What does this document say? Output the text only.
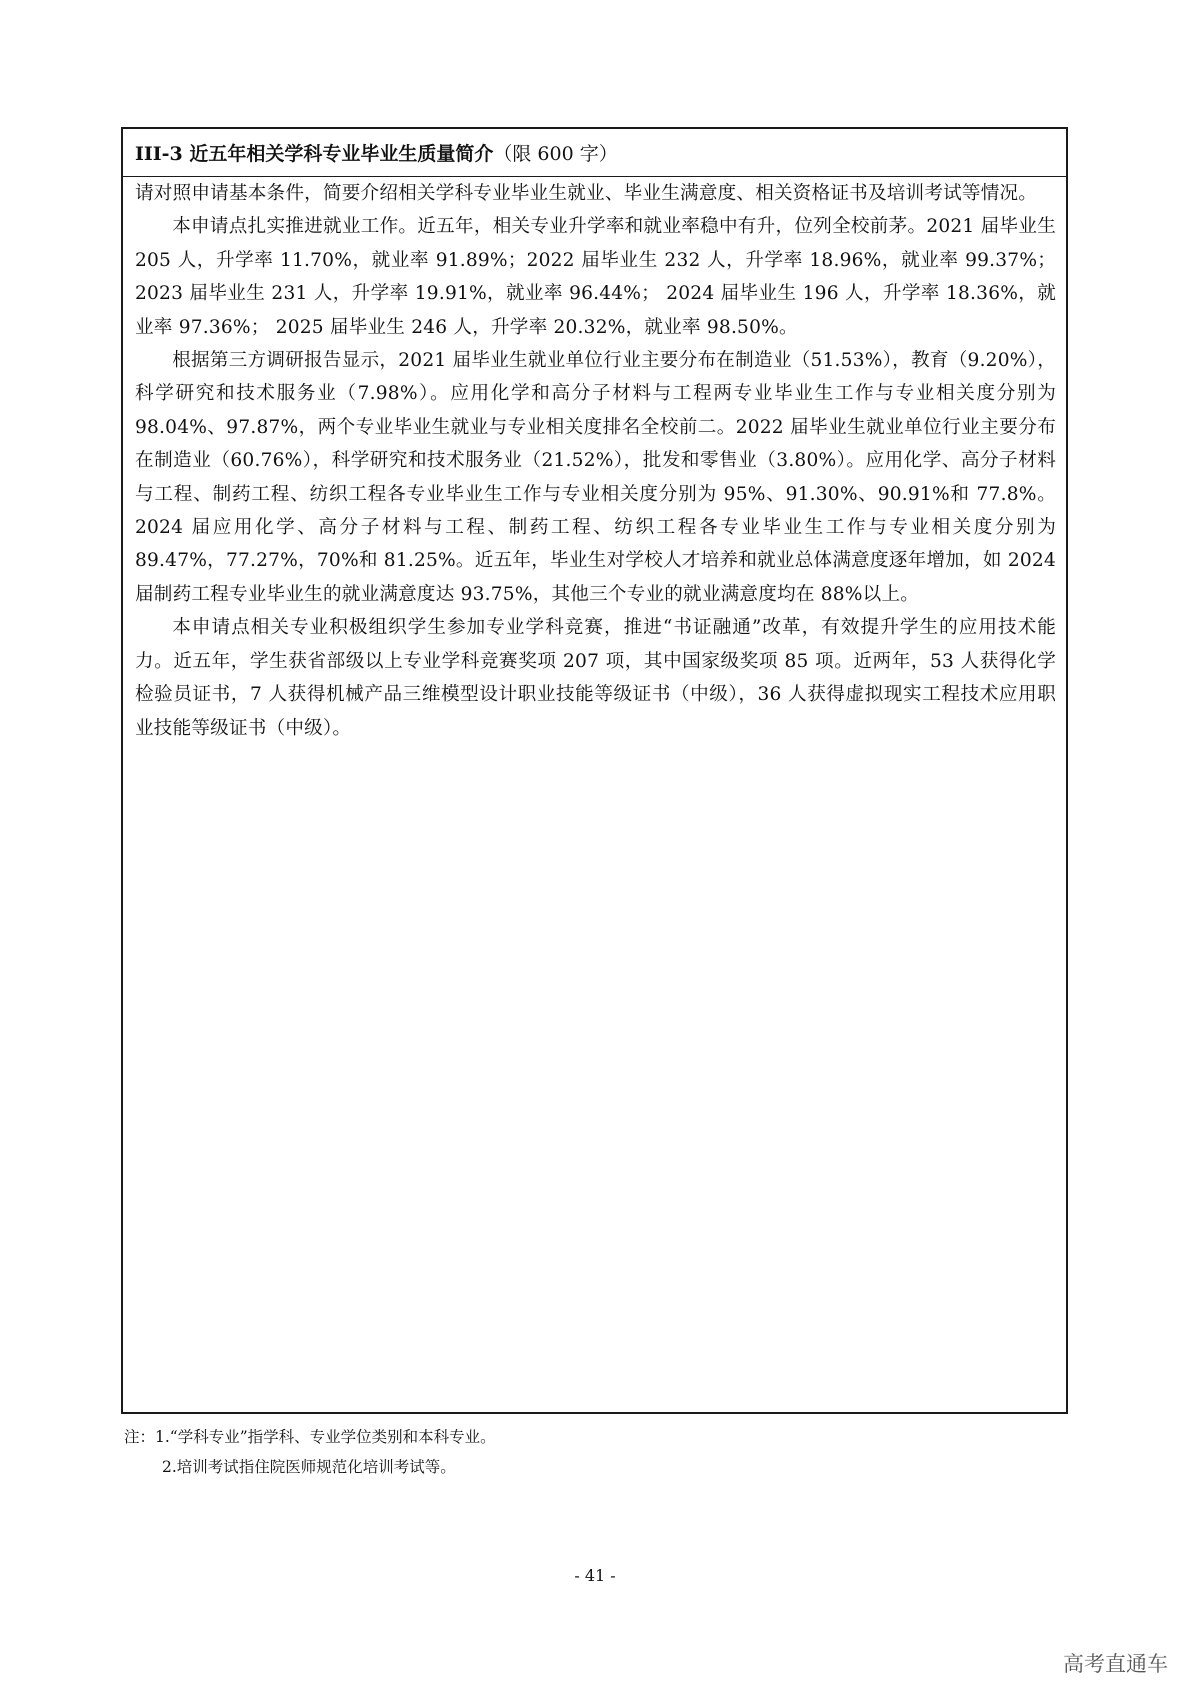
III-3 近五年相关学科专业毕业生质量简介 （限 600 字）

请对照申请基本条件，简要介绍相关学科专业毕业生就业、毕业生满意度、相关资格证书及培训考试等情况。

本申请点扎实推进就业工作。近五年，相关专业升学率和就业率稳中有升，位列全校前茅。2021 届毕业生 205 人，升学率 11.70%，就业率 91.89%；2022 届毕业生 232 人，升学率 18.96%，就业率 99.37%；2023 届毕业生 231 人，升学率 19.91%，就业率 96.44%； 2024 届毕业生 196 人，升学率 18.36%，就业率 97.36%； 2025 届毕业生 246 人，升学率 20.32%，就业率 98.50%。

根据第三方调研报告显示，2021 届毕业生就业单位行业主要分布在制造业（51.53%），教育（9.20%），科学研究和技术服务业（7.98%）。应用化学和高分子材料与工程两专业毕业生工作与专业相关度分别为 98.04%、97.87%，两个专业毕业生就业与专业相关度排名全校前二。2022 届毕业生就业单位行业主要分布在制造业（60.76%），科学研究和技术服务业（21.52%），批发和零售业（3.80%）。应用化学、高分子材料与工程、制药工程、纺织工程各专业毕业生工作与专业相关度分别为 95%、91.30%、90.91%和 77.8%。2024 届应用化学、高分子材料与工程、制药工程、纺织工程各专业毕业生工作与专业相关度分别为 89.47%，77.27%，70%和 81.25%。近五年，毕业生对学校人才培养和就业总体满意度逐年增加，如 2024 届制药工程专业毕业生的就业满意度达 93.75%，其他三个专业的就业满意度均在 88%以上。

本申请点相关专业积极组织学生参加专业学科竞赛，推进“书证融通”改革，有效提升学生的应用技术能力。近五年，学生获省部级以上专业学科竞赛奖项 207 项，其中国家级奖项 85 项。近两年，53 人获得化学检验员证书，7 人获得机械产品三维模型设计职业技能等级证书（中级），36 人获得虚拟现实工程技术应用职业技能等级证书（中级）。

注：1.“学科专业”指学科、专业学位类别和本科专业。
2.培训考试指住院医师规范化培训考试等。
- 41 -
高考直通车
